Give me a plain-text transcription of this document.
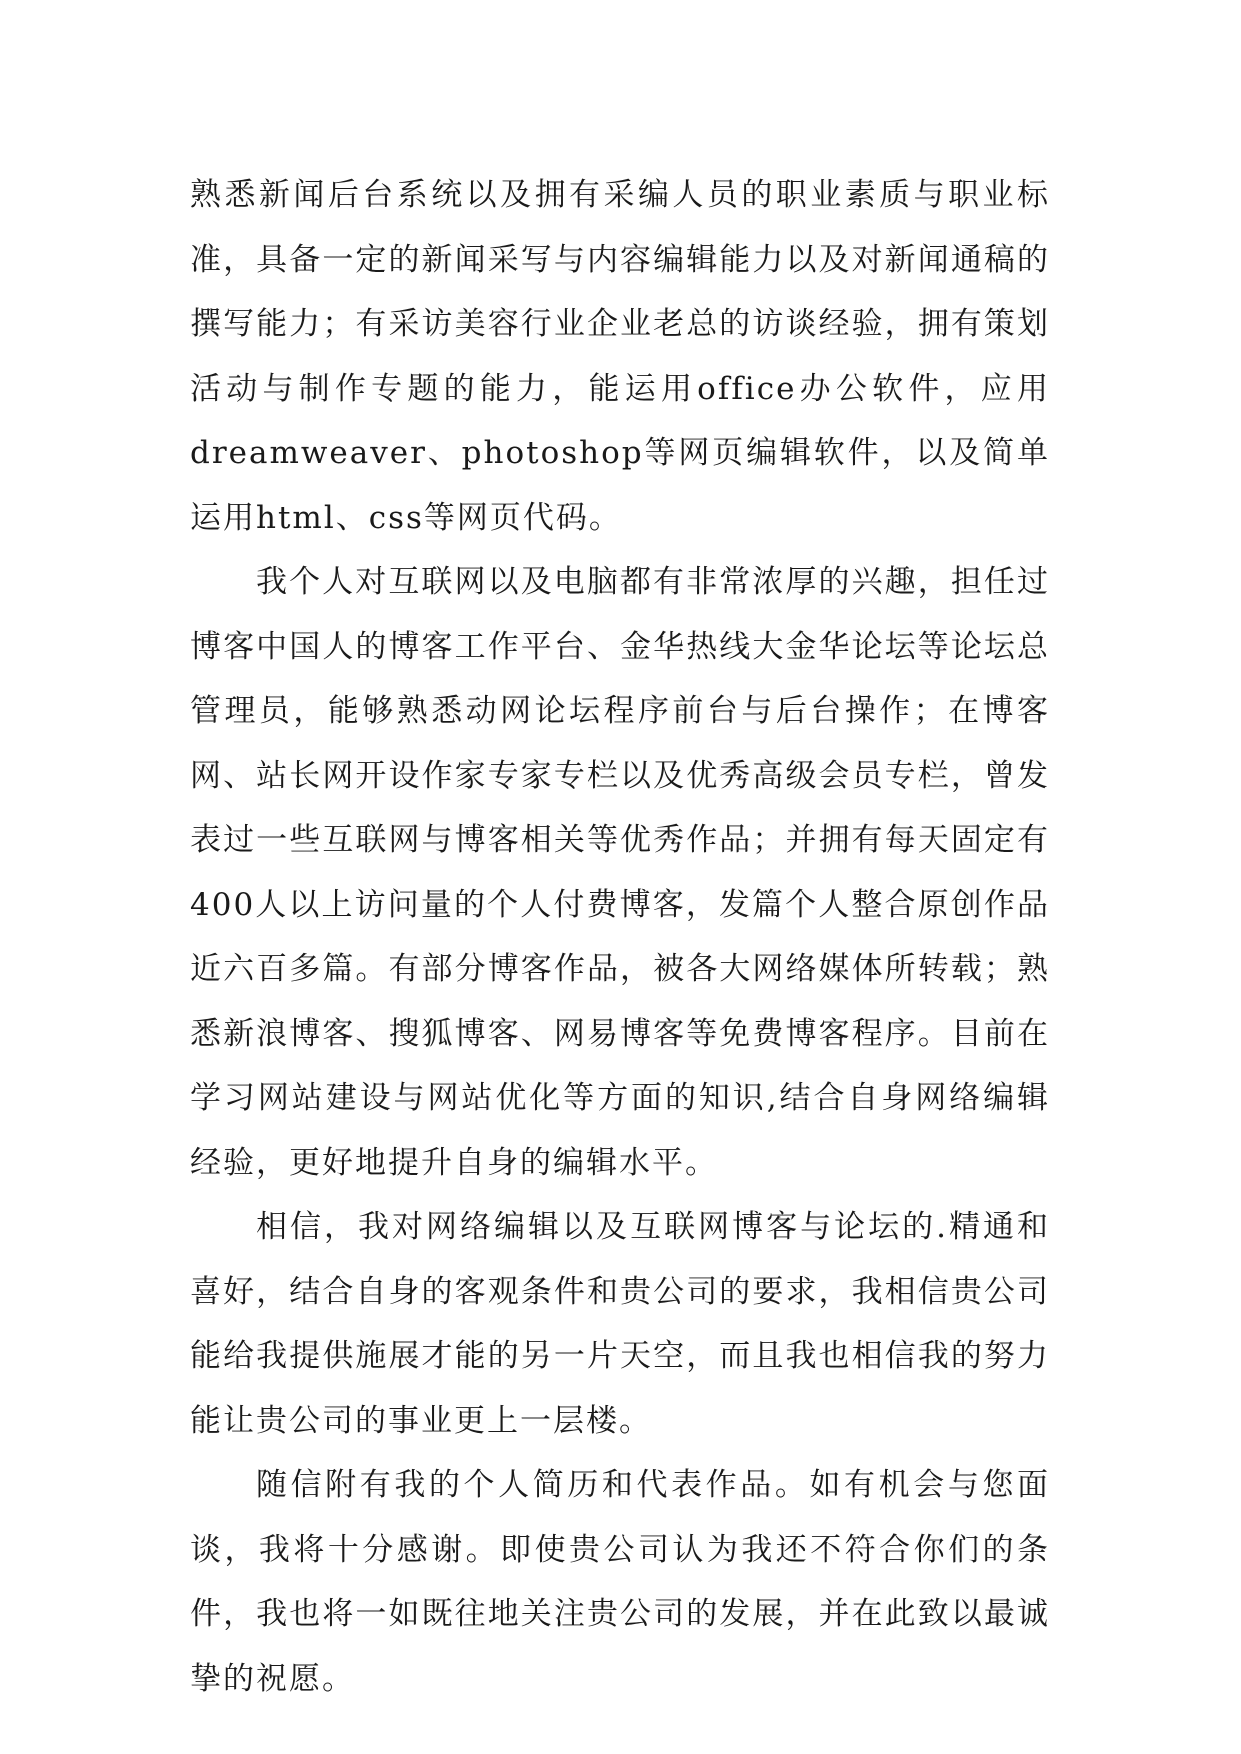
熟悉新闻后台系统以及拥有采编人员的职业素质与职业标准，具备一定的新闻采写与内容编辑能力以及对新闻通稿的撰写能力；有采访美容行业企业老总的访谈经验，拥有策划活动与制作专题的能力，能运用office办公软件，应用dreamweaver、photoshop等网页编辑软件，以及简单运用html、css等网页代码。

我个人对互联网以及电脑都有非常浓厚的兴趣，担任过博客中国人的博客工作平台、金华热线大金华论坛等论坛总管理员，能够熟悉动网论坛程序前台与后台操作；在博客网、站长网开设作家专家专栏以及优秀高级会员专栏，曾发表过一些互联网与博客相关等优秀作品；并拥有每天固定有400人以上访问量的个人付费博客，发篇个人整合原创作品近六百多篇。有部分博客作品，被各大网络媒体所转载；熟悉新浪博客、搜狐博客、网易博客等免费博客程序。目前在学习网站建设与网站优化等方面的知识,结合自身网络编辑经验，更好地提升自身的编辑水平。

相信，我对网络编辑以及互联网博客与论坛的.精通和喜好，结合自身的客观条件和贵公司的要求，我相信贵公司能给我提供施展才能的另一片天空，而且我也相信我的努力能让贵公司的事业更上一层楼。

随信附有我的个人简历和代表作品。如有机会与您面谈，我将十分感谢。即使贵公司认为我还不符合你们的条件，我也将一如既往地关注贵公司的发展，并在此致以最诚挚的祝愿。
